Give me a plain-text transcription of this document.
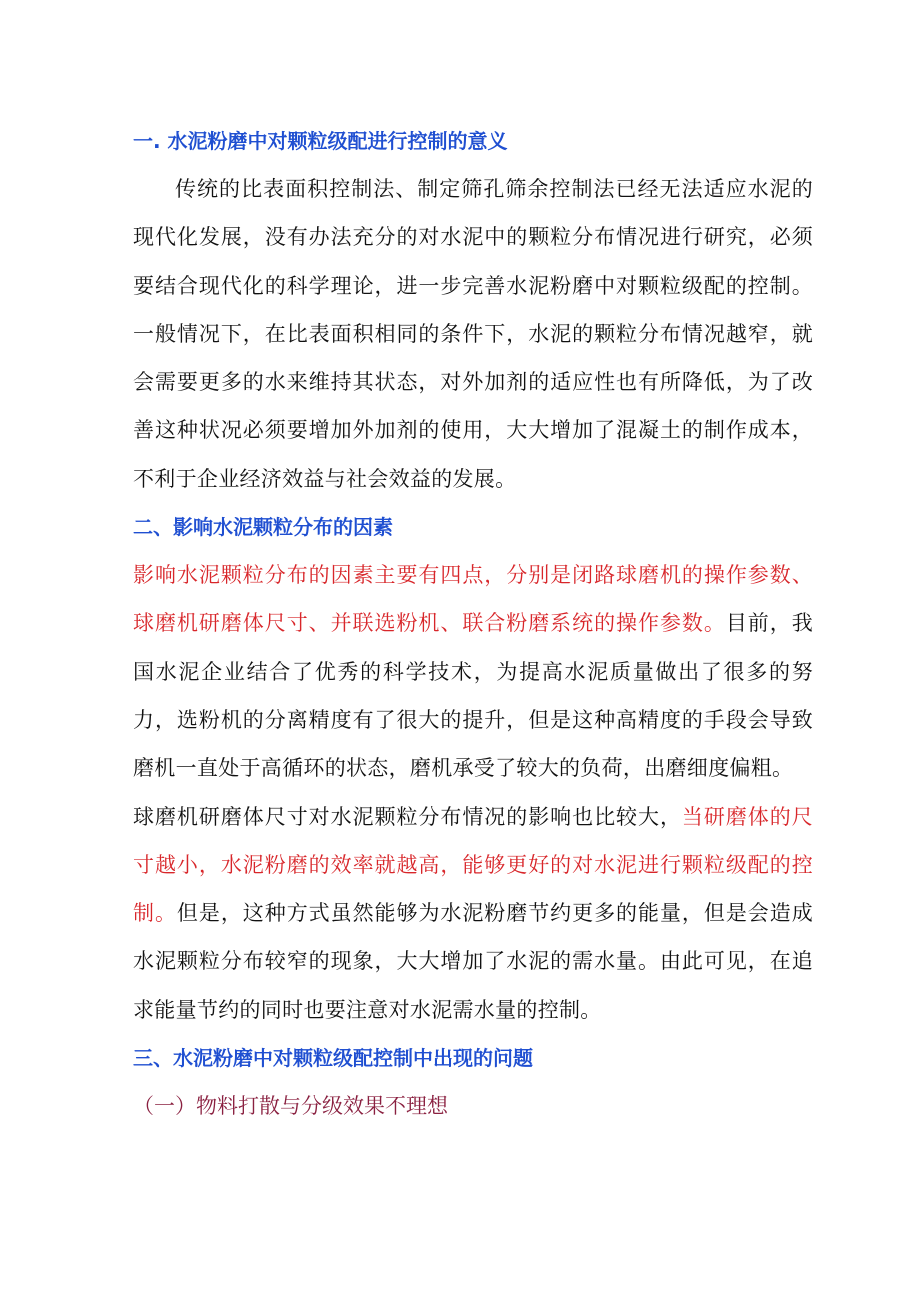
一. 水泥粉磨中对颗粒级配进行控制的意义

传统的比表面积控制法、制定筛孔筛余控制法已经无法适应水泥的现代化发展，没有办法充分的对水泥中的颗粒分布情况进行研究，必须要结合现代化的科学理论，进一步完善水泥粉磨中对颗粒级配的控制。一般情况下，在比表面积相同的条件下，水泥的颗粒分布情况越窄，就会需要更多的水来维持其状态，对外加剂的适应性也有所降低，为了改善这种状况必须要增加外加剂的使用，大大增加了混凝土的制作成本，不利于企业经济效益与社会效益的发展。

二、影响水泥颗粒分布的因素

影响水泥颗粒分布的因素主要有四点，分别是闭路球磨机的操作参数、球磨机研磨体尺寸、并联选粉机、联合粉磨系统的操作参数。目前，我国水泥企业结合了优秀的科学技术，为提高水泥质量做出了很多的努力，选粉机的分离精度有了很大的提升，但是这种高精度的手段会导致磨机一直处于高循环的状态，磨机承受了较大的负荷，出磨细度偏粗。

球磨机研磨体尺寸对水泥颗粒分布情况的影响也比较大，当研磨体的尺寸越小，水泥粉磨的效率就越高，能够更好的对水泥进行颗粒级配的控制。但是，这种方式虽然能够为水泥粉磨节约更多的能量，但是会造成水泥颗粒分布较窄的现象，大大增加了水泥的需水量。由此可见，在追求能量节约的同时也要注意对水泥需水量的控制。

三、水泥粉磨中对颗粒级配控制中出现的问题

（一）物料打散与分级效果不理想
